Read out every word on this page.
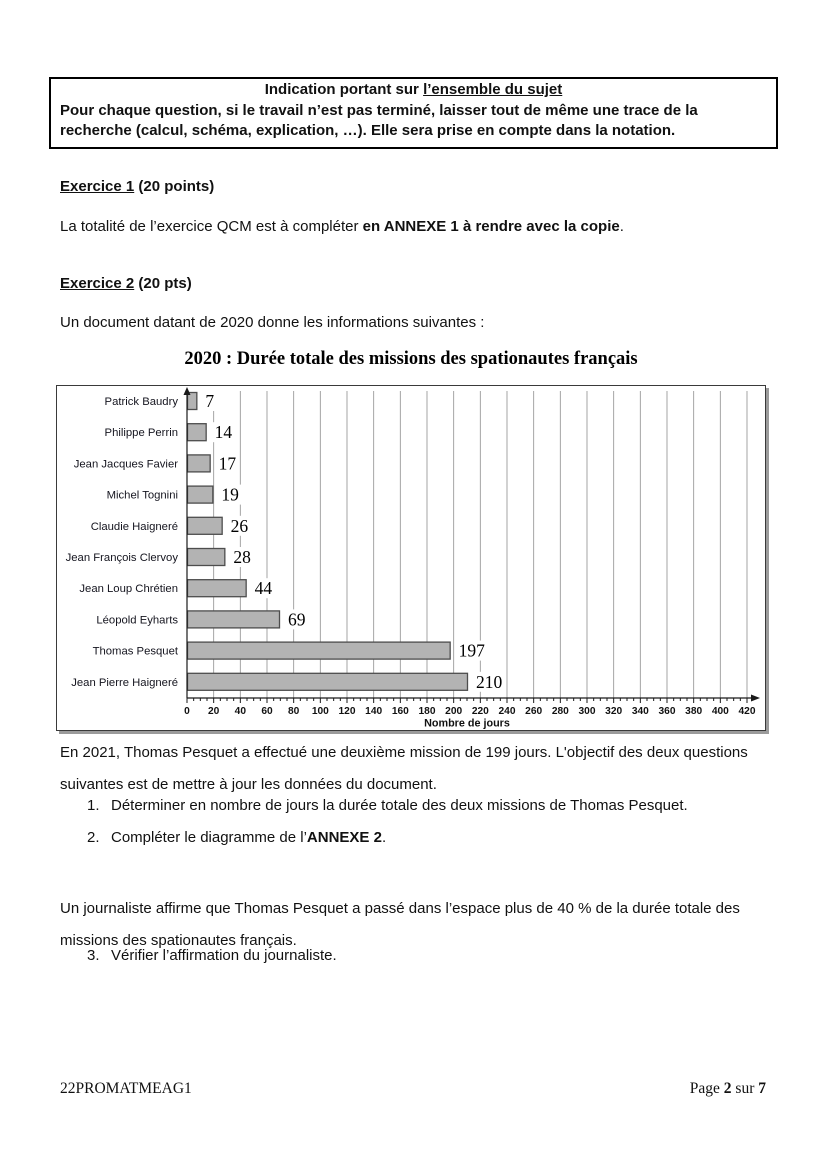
Indication portant sur l’ensemble du sujet
Pour chaque question, si le travail n’est pas terminé, laisser tout de même une trace de la recherche (calcul, schéma, explication, …). Elle sera prise en compte dans la notation.
Exercice 1 (20 points)
La totalité de l’exercice QCM est à compléter en ANNEXE 1 à rendre avec la copie.
Exercice 2 (20 pts)
Un document datant de 2020 donne les informations suivantes :
2020 : Durée totale des missions des spationautes français
Patrick Baudry 7
Philippe Perrin 14
Jean Jacques Favier 17
Michel Tognini 19
Claudie Haigneré	26
Jean François Clervoy	28
Jean Loup Chrétien	44
Léopold Eyharts	69
Thomas Pesquet	197
Jean Pierre Haigneré	210
0 20 40 60 80 100 120 140 160 180 200 220 240 260 280 300 320 340 360 380 400 420
Nombre de jours
En 2021, Thomas Pesquet a effectué une deuxième mission de 199 jours. L'objectif des deux questions suivantes est de mettre à jour les données du document.
1. Déterminer en nombre de jours la durée totale des deux missions de Thomas Pesquet.
2. Compléter le diagramme de l’ANNEXE 2.
Un journaliste affirme que Thomas Pesquet a passé dans l’espace plus de 40 % de la durée totale des missions des spationautes français.
3. Vérifier l’affirmation du journaliste.
22PROMATMEAG1	Page 2 sur 7
